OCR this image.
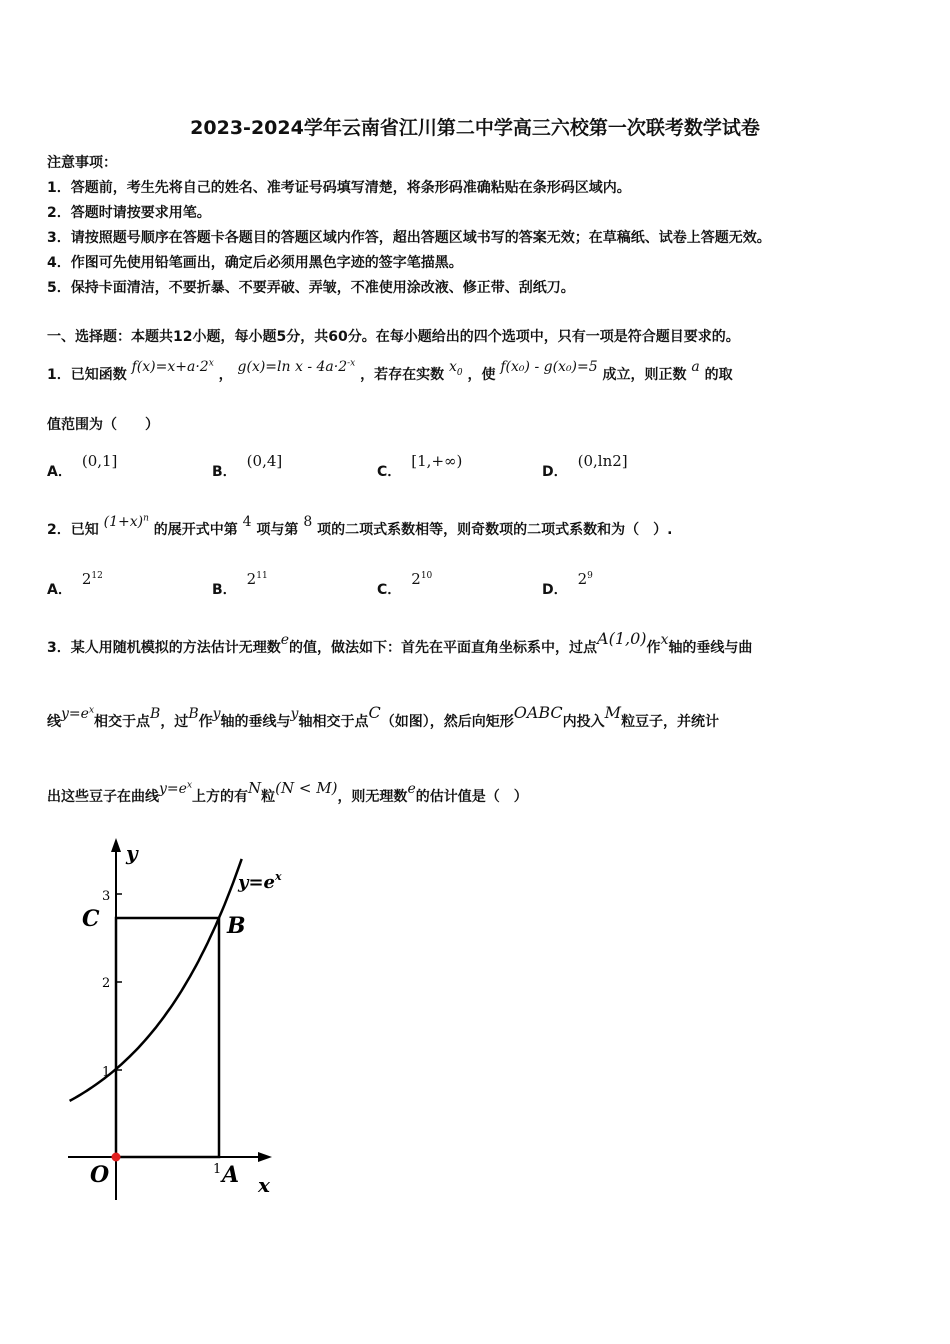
2023-2024学年云南省江川第二中学高三六校第一次联考数学试卷
注意事项：
1．答题前，考生先将自己的姓名、准考证号码填写清楚，将条形码准确粘贴在条形码区域内。
2．答题时请按要求用笔。
3．请按照题号顺序在答题卡各题目的答题区域内作答，超出答题区域书写的答案无效；在草稿纸、试卷上答题无效。
4．作图可先使用铅笔画出，确定后必须用黑色字迹的签字笔描黑。
5．保持卡面清洁，不要折暴、不要弄破、弄皱，不准使用涂改液、修正带、刮纸刀。
一、选择题：本题共12小题，每小题5分，共60分。在每小题给出的四个选项中，只有一项是符合题目要求的。
1．已知函数 $f(x)=x+a\cdot 2^x$ ， g(x)=ln $x - 4a\cdot 2^{-x}$ ，若存在实数 $x_0$ ，使 f(x₀) - g(x₀)=5 成立，则正数 a 的取
值范围为（　　）
A．(0,1]
B．(0,4]
C．[1,+∞)
D．(0,ln2]
2．已知 $(1+x)^n$ 的展开式中第 4 项与第 8 项的二项式系数相等，则奇数项的二项式系数和为（　）.
A．$2^{12}$
B．$2^{11}$
C．$2^{10}$
D．$2^9$
3．某人用随机模拟的方法估计无理数e的值，做法如下：首先在平面直角坐标系中，过点A(1,0)作x轴的垂线与曲
线$y=e^x$相交于点B，过B作y轴的垂线与y轴相交于点C（如图），然后向矩形OABC内投入M粒豆子，并统计
出这些豆子在曲线$y=e^x$上方的有N粒(N < M)，则无理数e的估计值是（　）
y
x
$y=e^x$
3
2
1
1
C	B
O	A
